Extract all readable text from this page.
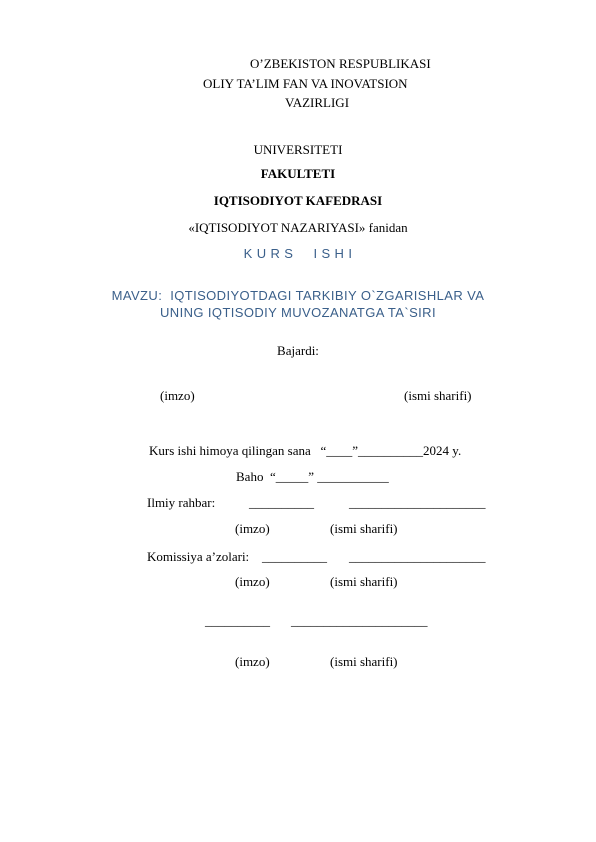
O’ZBEKISTON RESPUBLIKASI
OLIY TA’LIM FAN VA INOVATSION
VAZIRLIGI
UNIVERSITETI
FAKULTETI
IQTISODIYOT KAFEDRASI
«IQTISODIYOT NAZARIYASI» fanidan
K U R S     I S H I
MAVZU:  IQTISODIYOTDAGI TARKIBIY O`ZGARISHLAR VA
UNING IQTISODIY MUVOZANATGA TA`SIRI
Bajardi:
(imzo)	(ismi sharifi)
Kurs ishi himoya qilingan sana   “____”__________2024 y.
Baho  “_____” ___________
Ilmiy rahbar:	__________	_____________________
(imzo)	(ismi sharifi)
Komissiya a’zolari: __________ _____________________
(imzo)	(ismi sharifi)
__________ _____________________
(imzo)	(ismi sharifi)
